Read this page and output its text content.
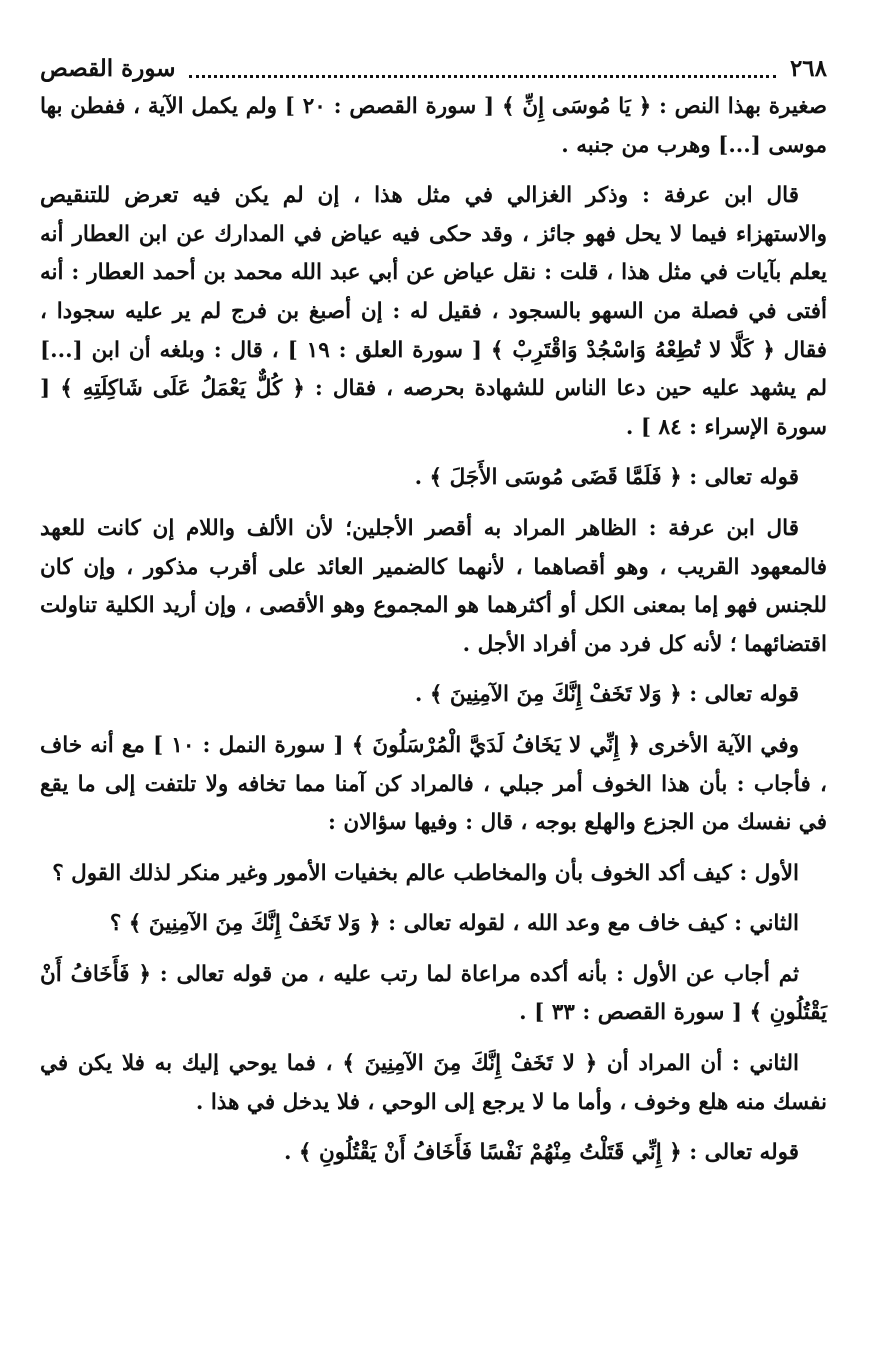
٢٦٨
سورة القصص

صغيرة بهذا النص : ﴿ يَا مُوسَى إِنِّ ﴾ [ سورة القصص : ٢٠ ] ولم يكمل الآية ، ففطن بها موسى [...] وهرب من جنبه .

قال ابن عرفة : وذكر الغزالي في مثل هذا ، إن لم يكن فيه تعرض للتنقيص والاستهزاء فيما لا يحل فهو جائز ، وقد حكى فيه عياض في المدارك عن ابن العطار أنه يعلم بآيات في مثل هذا ، قلت : نقل عياض عن أبي عبد الله محمد بن أحمد العطار : أنه أفتى في فصلة من السهو بالسجود ، فقيل له : إن أصبغ بن فرج لم ير عليه سجودا ، فقال ﴿ كَلَّا لا تُطِعْهُ وَاسْجُدْ وَاقْتَرِبْ ﴾ [ سورة العلق : ١٩ ] ، قال : وبلغه أن ابن [...] لم يشهد عليه حين دعا الناس للشهادة بحرصه ، فقال : ﴿ كُلٌّ يَعْمَلُ عَلَى شَاكِلَتِهِ ﴾ [ سورة الإسراء : ٨٤ ] .

قوله تعالى : ﴿ فَلَمَّا قَضَى مُوسَى الأَجَلَ ﴾ .

قال ابن عرفة : الظاهر المراد به أقصر الأجلين؛ لأن الألف واللام إن كانت للعهد فالمعهود القريب ، وهو أقصاهما ، لأنهما كالضمير العائد على أقرب مذكور ، وإن كان للجنس فهو إما بمعنى الكل أو أكثرهما هو المجموع وهو الأقصى ، وإن أريد الكلية تناولت اقتضائهما ؛ لأنه كل فرد من أفراد الأجل .

قوله تعالى : ﴿ وَلا تَخَفْ إِنَّكَ مِنَ الآمِنِينَ ﴾ .

وفي الآية الأخرى ﴿ إِنِّي لا يَخَافُ لَدَيَّ الْمُرْسَلُونَ ﴾ [ سورة النمل : ١٠ ] مع أنه خاف ، فأجاب : بأن هذا الخوف أمر جبلي ، فالمراد كن آمنا مما تخافه ولا تلتفت إلى ما يقع في نفسك من الجزع والهلع بوجه ، قال : وفيها سؤالان :

الأول : كيف أكد الخوف بأن والمخاطب عالم بخفيات الأمور وغير منكر لذلك القول ؟

الثاني : كيف خاف مع وعد الله ، لقوله تعالى : ﴿ وَلا تَخَفْ إِنَّكَ مِنَ الآمِنِينَ ﴾ ؟

ثم أجاب عن الأول : بأنه أكده مراعاة لما رتب عليه ، من قوله تعالى : ﴿ فَأَخَافُ أَنْ يَقْتُلُونِ ﴾ [ سورة القصص : ٣٣ ] .

الثاني : أن المراد أن ﴿ لا تَخَفْ إِنَّكَ مِنَ الآمِنِينَ ﴾ ، فما يوحي إليك به فلا يكن في نفسك منه هلع وخوف ، وأما ما لا يرجع إلى الوحي ، فلا يدخل في هذا .

قوله تعالى : ﴿ إِنِّي قَتَلْتُ مِنْهُمْ نَفْسًا فَأَخَافُ أَنْ يَقْتُلُونِ ﴾ .
